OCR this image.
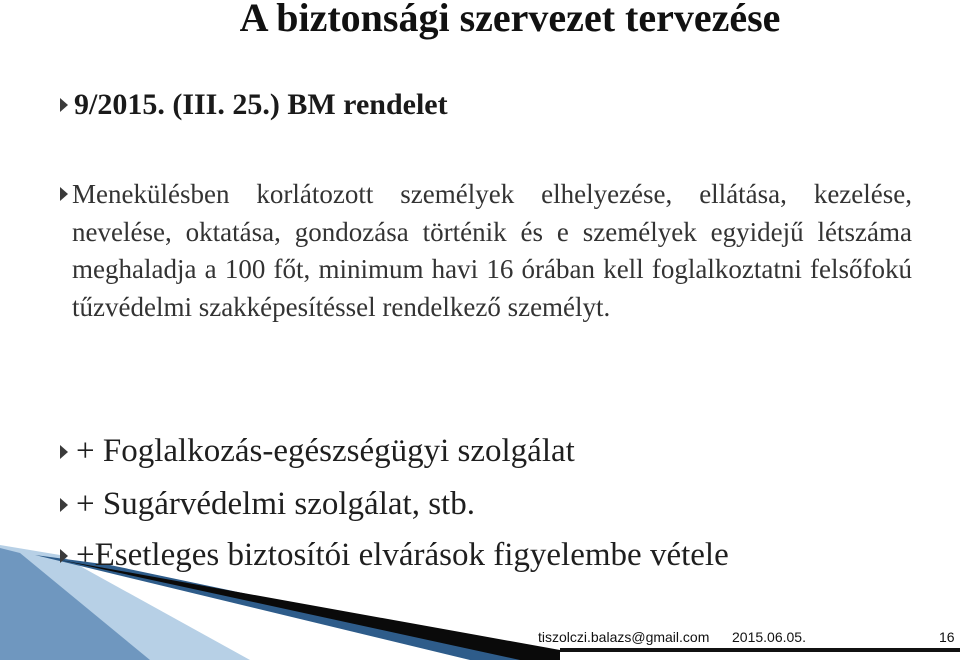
A biztonsági szervezet tervezése
9/2015. (III. 25.) BM rendelet
Menekülésben korlátozott személyek elhelyezése, ellátása, kezelése, nevelése, oktatása, gondozása történik és e személyek egyidejű létszáma meghaladja a 100 főt, minimum havi 16 órában kell foglalkoztatni felsőfokú tűzvédelmi szakképesítéssel rendelkező személyt.
+ Foglalkozás-egészségügyi szolgálat
+ Sugárvédelmi szolgálat, stb.
+Esetleges biztosítói elvárások figyelembe vétele
tiszolczi.balazs@gmail.com 2015.06.05.	16
